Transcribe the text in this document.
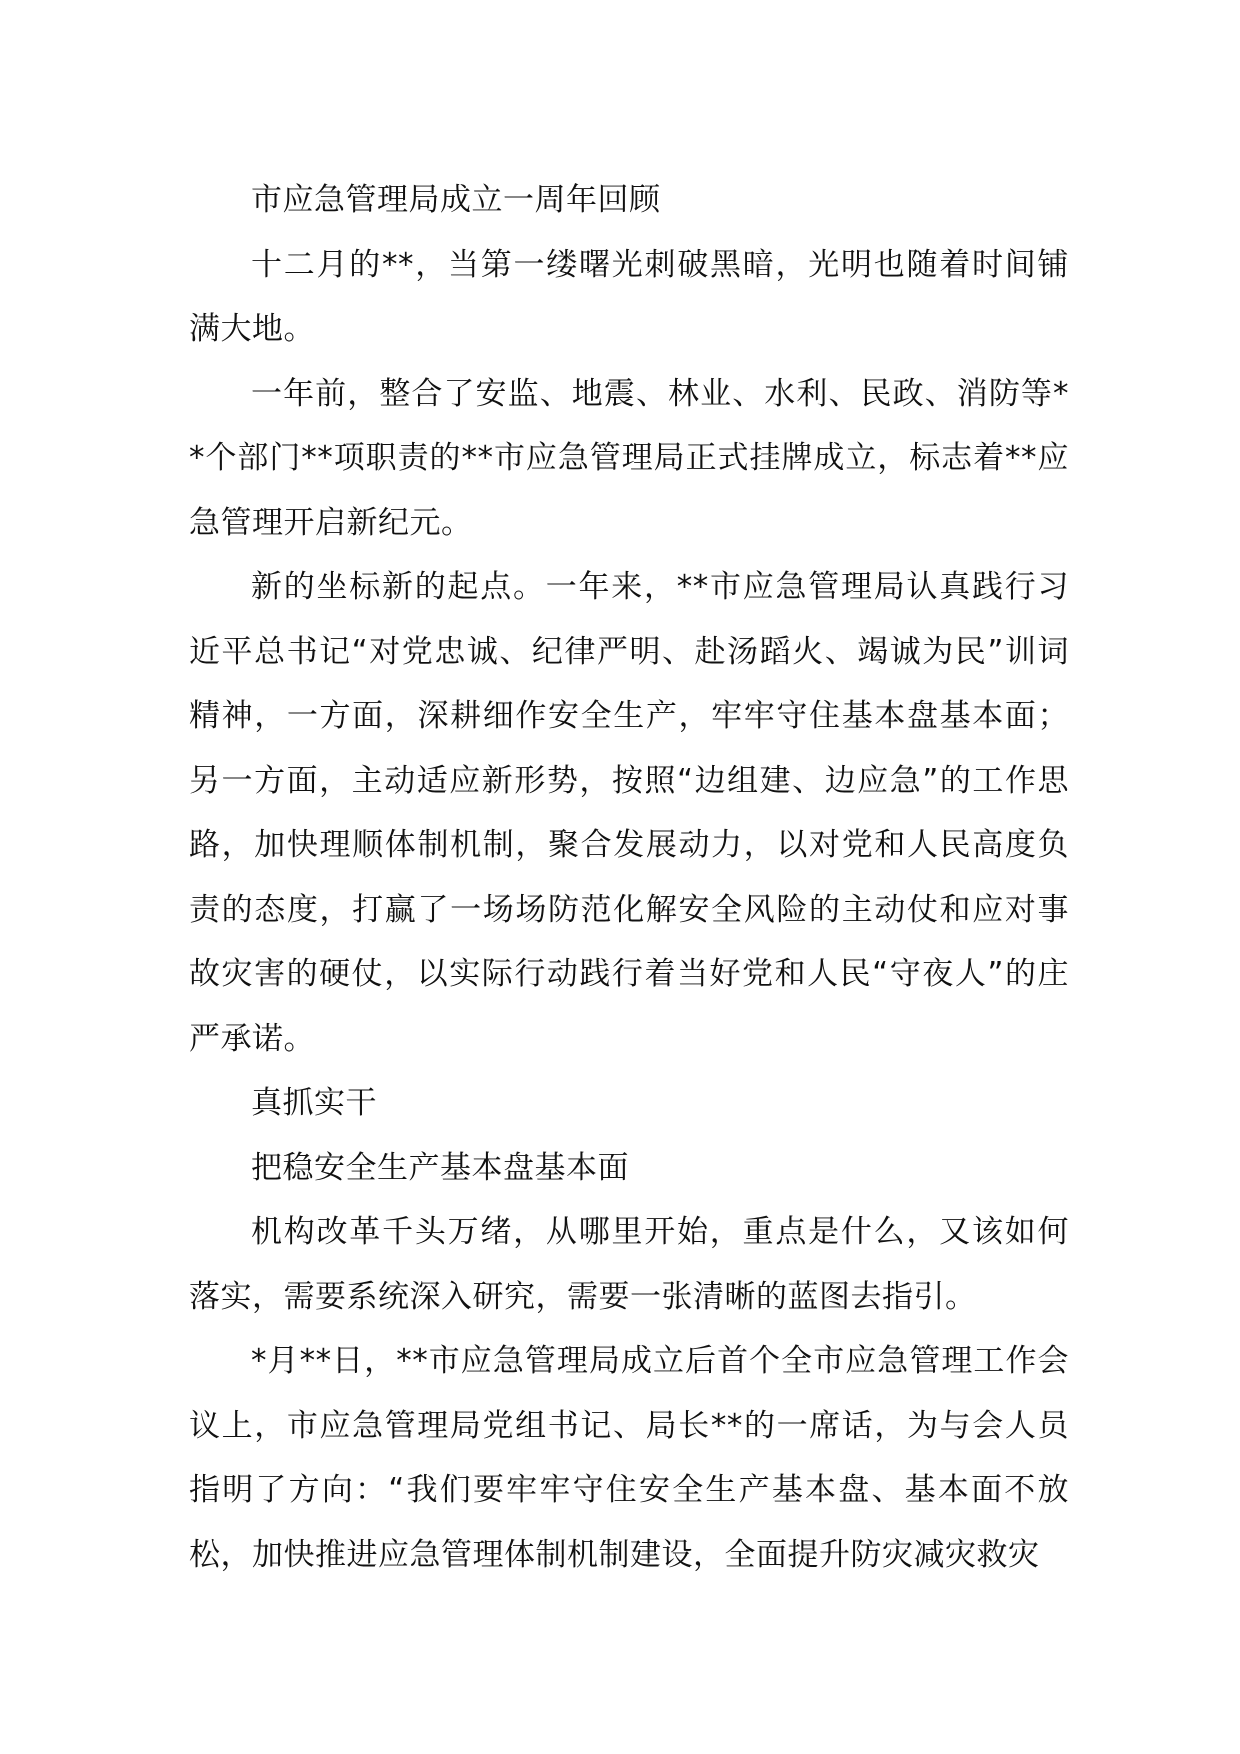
市应急管理局成立一周年回顾

十二月的**，当第一缕曙光刺破黑暗，光明也随着时间铺满大地。

一年前，整合了安监、地震、林业、水利、民政、消防等**个部门**项职责的**市应急管理局正式挂牌成立，标志着**应急管理开启新纪元。

新的坐标新的起点。一年来，**市应急管理局认真践行习近平总书记“对党忠诚、纪律严明、赴汤蹈火、竭诚为民”训词精神，一方面，深耕细作安全生产，牢牢守住基本盘基本面；另一方面，主动适应新形势，按照“边组建、边应急”的工作思路，加快理顺体制机制，聚合发展动力，以对党和人民高度负责的态度，打赢了一场场防范化解安全风险的主动仗和应对事故灾害的硬仗，以实际行动践行着当好党和人民“守夜人”的庄严承诺。

真抓实干

把稳安全生产基本盘基本面

机构改革千头万绪，从哪里开始，重点是什么，又该如何落实，需要系统深入研究，需要一张清晰的蓝图去指引。

*月**日，**市应急管理局成立后首个全市应急管理工作会议上，市应急管理局党组书记、局长**的一席话，为与会人员指明了方向：“我们要牢牢守住安全生产基本盘、基本面不放松，加快推进应急管理体制机制建设，全面提升防灾减灾救灾
